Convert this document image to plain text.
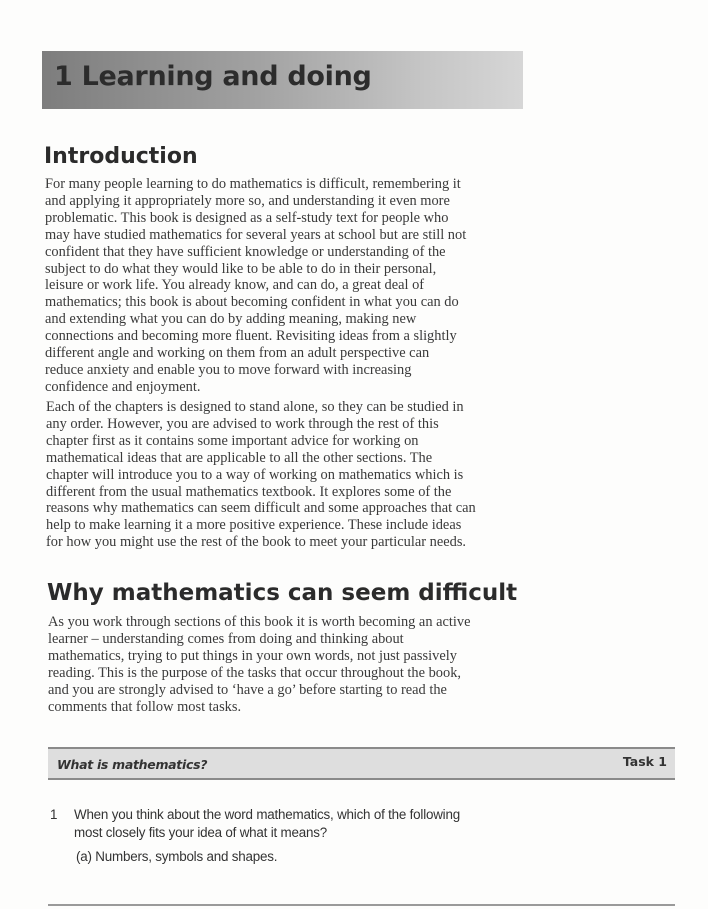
1 Learning and doing
Introduction

For many people learning to do mathematics is difficult, remembering it
and applying it appropriately more so, and understanding it even more
problematic. This book is designed as a self-study text for people who
may have studied mathematics for several years at school but are still not
confident that they have sufficient knowledge or understanding of the
subject to do what they would like to be able to do in their personal,
leisure or work life. You already know, and can do, a great deal of
mathematics; this book is about becoming confident in what you can do
and extending what you can do by adding meaning, making new
connections and becoming more fluent. Revisiting ideas from a slightly
different angle and working on them from an adult perspective can
reduce anxiety and enable you to move forward with increasing
confidence and enjoyment.

Each of the chapters is designed to stand alone, so they can be studied in
any order. However, you are advised to work through the rest of this
chapter first as it contains some important advice for working on
mathematical ideas that are applicable to all the other sections. The
chapter will introduce you to a way of working on mathematics which is
different from the usual mathematics textbook. It explores some of the
reasons why mathematics can seem difficult and some approaches that can
help to make learning it a more positive experience. These include ideas
for how you might use the rest of the book to meet your particular needs.

Why mathematics can seem difficult

As you work through sections of this book it is worth becoming an active
learner – understanding comes from doing and thinking about
mathematics, trying to put things in your own words, not just passively
reading. This is the purpose of the tasks that occur throughout the book,
and you are strongly advised to ‘have a go’ before starting to read the
comments that follow most tasks.

What is mathematics?	Task 1
1 When you think about the word mathematics, which of the following
most closely fits your idea of what it means?
(a) Numbers, symbols and shapes.
